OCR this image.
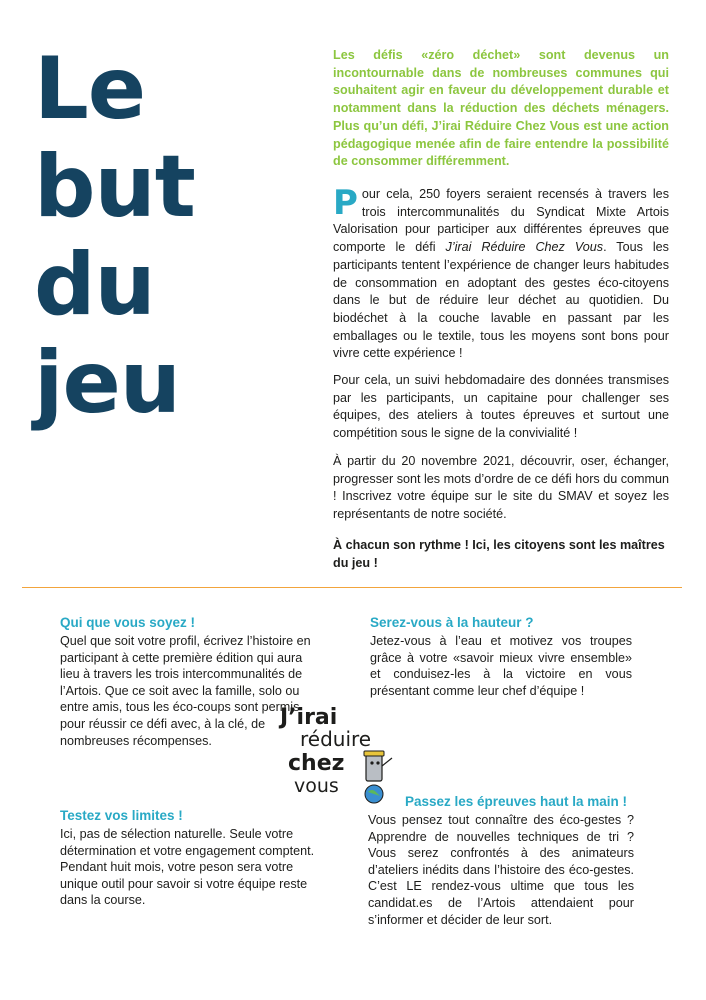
Le
but
du
jeu

Les défis «zéro déchet» sont devenus un incontournable dans de nombreuses communes qui souhaitent agir en faveur du développement durable et notamment dans la réduction des déchets ménagers. Plus qu’un défi, J’irai Réduire Chez Vous est une action pédagogique menée afin de faire entendre la possibilité de consommer différemment.

Pour cela, 250 foyers seraient recensés à travers les trois intercommunalités du Syndicat Mixte Artois Valorisation pour participer aux différentes épreuves que comporte le défi J’irai Réduire Chez Vous. Tous les participants tentent l’expérience de changer leurs habitudes de consommation en adoptant des gestes éco-citoyens dans le but de réduire leur déchet au quotidien. Du biodéchet à la couche lavable en passant par les emballages ou le textile, tous les moyens sont bons pour vivre cette expérience !

Pour cela, un suivi hebdomadaire des données transmises par les participants, un capitaine pour challenger ses équipes, des ateliers à toutes épreuves et surtout une compétition sous le signe de la convivialité !

À partir du 20 novembre 2021, découvrir, oser, échanger, progresser sont les mots d’ordre de ce défi hors du commun ! Inscrivez votre équipe sur le site du SMAV et soyez les représentants de notre société.

À chacun son rythme ! Ici, les citoyens sont les maîtres du jeu !

Qui que vous soyez !

Quel que soit votre profil, écrivez l’histoire en participant à cette première édition qui aura lieu à travers les trois intercommunalités de l’Artois. Que ce soit avec la famille, solo ou entre amis, tous les éco-coups sont permis pour réussir ce défi avec, à la clé, de nombreuses récompenses.

Serez-vous à la hauteur ?

Jetez-vous à l’eau et motivez vos troupes grâce à votre «savoir mieux vivre ensemble» et conduisez-les à la victoire en vous présentant comme leur chef d’équipe !

Testez vos limites !

Ici, pas de sélection naturelle. Seule votre détermination et votre engagement comptent. Pendant huit mois, votre peson sera votre unique outil pour savoir si votre équipe reste dans la course.

Passez les épreuves haut la main !

Vous pensez tout connaître des éco-gestes ? Apprendre de nouvelles techniques de tri ? Vous serez confrontés à des animateurs d’ateliers inédits dans l’histoire des éco-gestes. C’est LE rendez-vous ultime que tous les candidat.es de l’Artois attendaient pour s’informer et décider de leur sort.

J’irai
réduire
chez
vous
